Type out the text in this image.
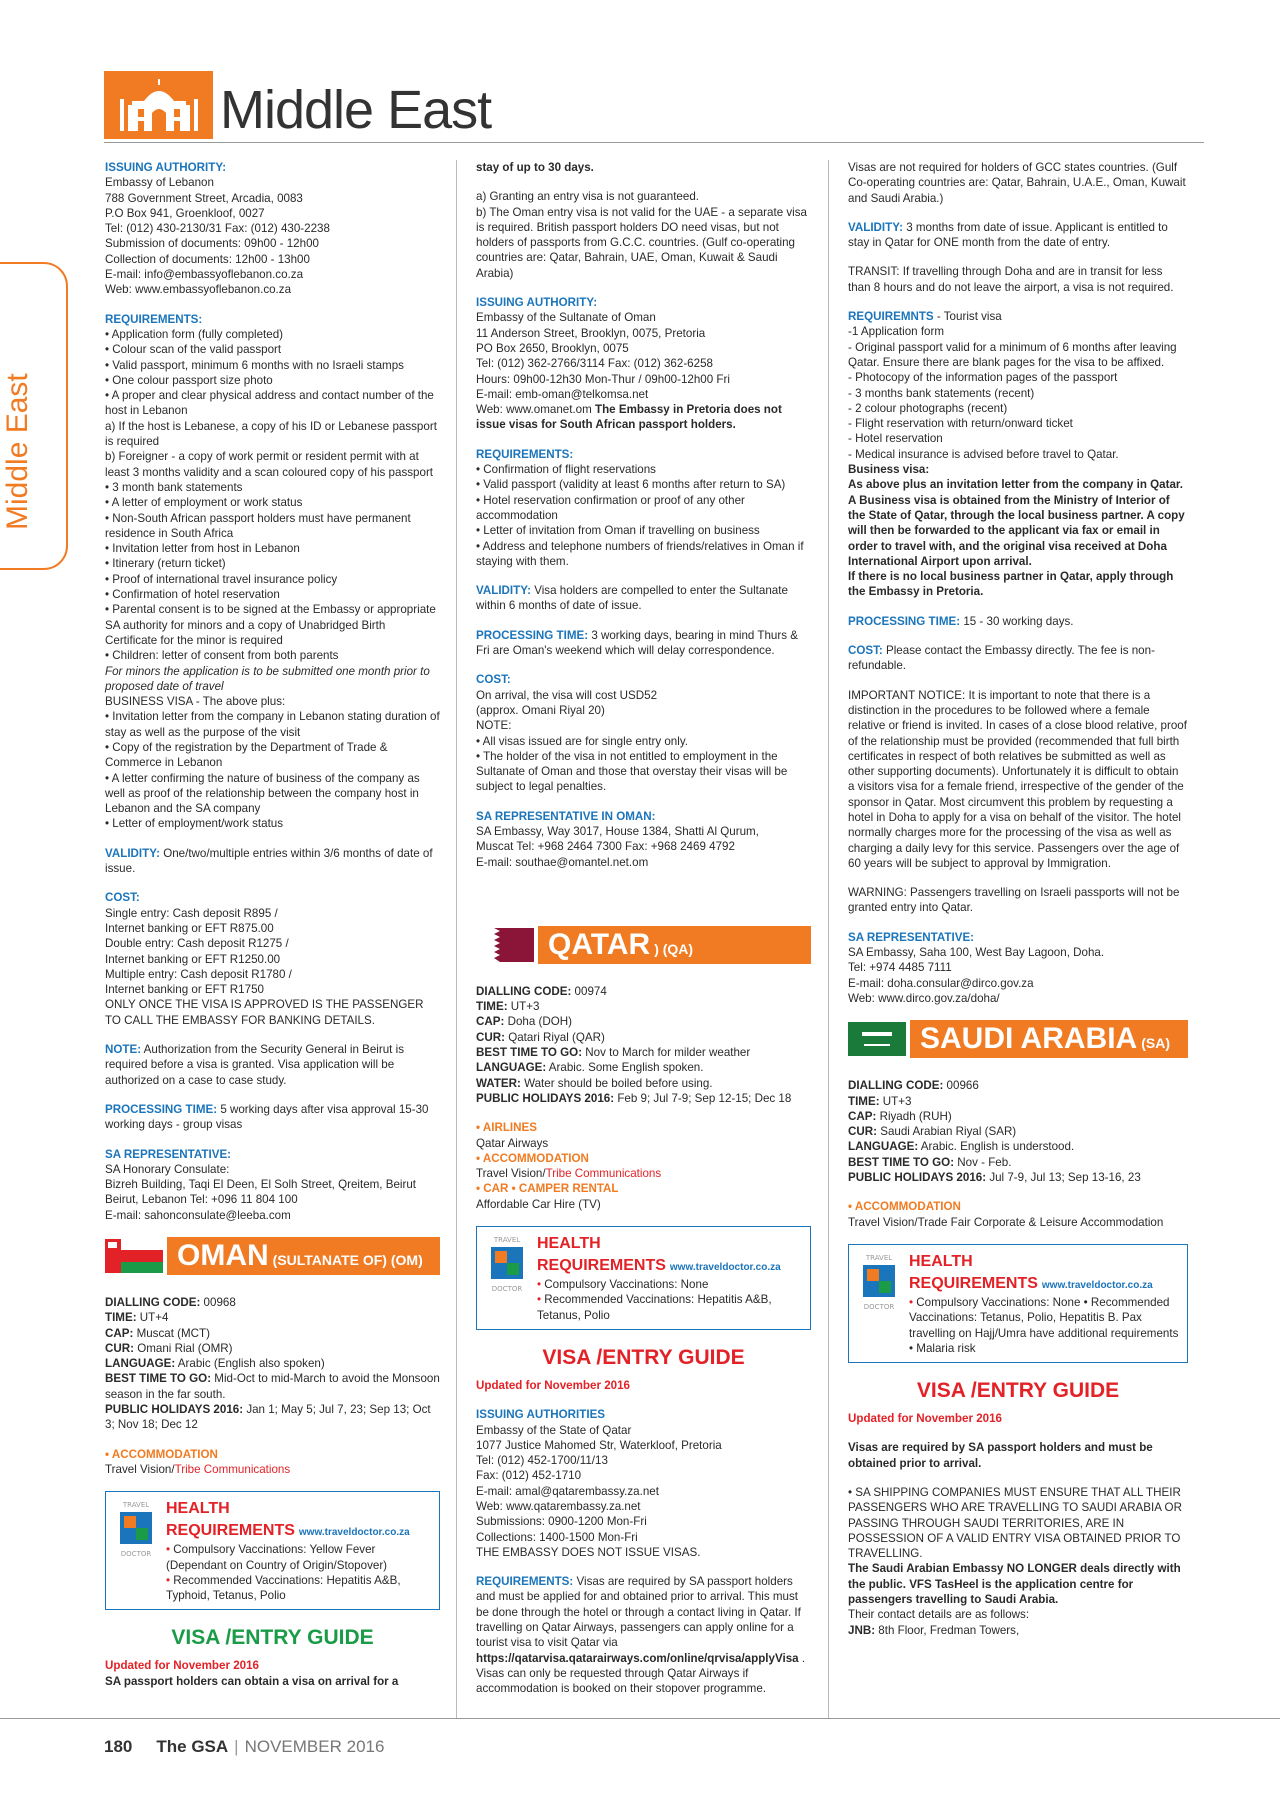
Middle East
Middle East
ISSUING AUTHORITY:
Embassy of Lebanon
788 Government Street, Arcadia, 0083
P.O Box 941, Groenkloof, 0027
Tel: (012) 430-2130/31 Fax: (012) 430-2238
Submission of documents: 09h00 - 12h00
Collection of documents: 12h00 - 13h00
E-mail: info@embassyoflebanon.co.za
Web: www.embassyoflebanon.co.za
REQUIREMENTS:
• Application form (fully completed)
• Colour scan of the valid passport
• Valid passport, minimum 6 months with no Israeli stamps
• One colour passport size photo
• A proper and clear physical address and contact number of the host in Lebanon
a) If the host is Lebanese, a copy of his ID or Lebanese passport is required
b) Foreigner - a copy of work permit or resident permit with at least 3 months validity and a scan coloured copy of his passport
• 3 month bank statements
• A letter of employment or work status
• Non-South African passport holders must have permanent residence in South Africa
• Invitation letter from host in Lebanon
• Itinerary (return ticket)
• Proof of international travel insurance policy
• Confirmation of hotel reservation
• Parental consent is to be signed at the Embassy or appropriate SA authority for minors and a copy of Unabridged Birth Certificate for the minor is required
• Children: letter of consent from both parents
For minors the application is to be submitted one month prior to proposed date of travel
BUSINESS VISA - The above plus:
• Invitation letter from the company in Lebanon stating duration of stay as well as the purpose of the visit
• Copy of the registration by the Department of Trade & Commerce in Lebanon
• A letter confirming the nature of business of the company as well as proof of the relationship between the company host in Lebanon and the SA company
• Letter of employment/work status
VALIDITY: One/two/multiple entries within 3/6 months of date of issue.
COST:
Single entry: Cash deposit R895 /
Internet banking or EFT R875.00
Double entry: Cash deposit R1275 /
Internet banking or EFT R1250.00
Multiple entry: Cash deposit R1780 /
Internet banking or EFT R1750
ONLY ONCE THE VISA IS APPROVED IS THE PASSENGER TO CALL THE EMBASSY FOR BANKING DETAILS.
NOTE: Authorization from the Security General in Beirut is required before a visa is granted. Visa application will be authorized on a case to case study.
PROCESSING TIME: 5 working days after visa approval 15-30 working days - group visas
SA REPRESENTATIVE:
SA Honorary Consulate:
Bizreh Building, Taqi El Deen, El Solh Street, Qreitem, Beirut
Beirut, Lebanon Tel: +096 11 804 100
E-mail: sahonconsulate@leeba.com
OMAN (SULTANATE OF) (OM)
DIALLING CODE: 00968
TIME: UT+4
CAP: Muscat (MCT)
CUR: Omani Rial (OMR)
LANGUAGE: Arabic (English also spoken)
BEST TIME TO GO: Mid-Oct to mid-March to avoid the Monsoon season in the far south.
PUBLIC HOLIDAYS 2016: Jan 1; May 5; Jul 7, 23; Sep 13; Oct 3; Nov 18; Dec 12
• ACCOMMODATION
Travel Vision/Tribe Communications
TRAVEL
DOCTOR
HEALTH REQUIREMENTS www.traveldoctor.co.za
• Compulsory Vaccinations: Yellow Fever (Dependant on Country of Origin/Stopover)
• Recommended Vaccinations: Hepatitis A&B, Typhoid, Tetanus, Polio
VISA /ENTRY GUIDE
Updated for November 2016
SA passport holders can obtain a visa on arrival for a
stay of up to 30 days.
a) Granting an entry visa is not guaranteed.
b) The Oman entry visa is not valid for the UAE - a separate visa is required. British passport holders DO need visas, but not holders of passports from G.C.C. countries. (Gulf co-operating countries are: Qatar, Bahrain, UAE, Oman, Kuwait & Saudi Arabia)
ISSUING AUTHORITY:
Embassy of the Sultanate of Oman
11 Anderson Street, Brooklyn, 0075, Pretoria
PO Box 2650, Brooklyn, 0075
Tel: (012) 362-2766/3114 Fax: (012) 362-6258
Hours: 09h00-12h30 Mon-Thur / 09h00-12h00 Fri
E-mail: emb-oman@telkomsa.net
Web: www.omanet.om The Embassy in Pretoria does not issue visas for South African passport holders.
REQUIREMENTS:
• Confirmation of flight reservations
• Valid passport (validity at least 6 months after return to SA)
• Hotel reservation confirmation or proof of any other accommodation
• Letter of invitation from Oman if travelling on business
• Address and telephone numbers of friends/relatives in Oman if staying with them.
VALIDITY: Visa holders are compelled to enter the Sultanate within 6 months of date of issue.
PROCESSING TIME: 3 working days, bearing in mind Thurs & Fri are Oman's weekend which will delay correspondence.
COST:
On arrival, the visa will cost USD52
(approx. Omani Riyal 20)
NOTE:
• All visas issued are for single entry only.
• The holder of the visa in not entitled to employment in the Sultanate of Oman and those that overstay their visas will be subject to legal penalties.
SA REPRESENTATIVE IN OMAN:
SA Embassy, Way 3017, House 1384, Shatti Al Qurum,
Muscat Tel: +968 2464 7300 Fax: +968 2469 4792
E-mail: southae@omantel.net.om
QATAR ) (QA)
DIALLING CODE: 00974
TIME: UT+3
CAP: Doha (DOH)
CUR: Qatari Riyal (QAR)
BEST TIME TO GO: Nov to March for milder weather
LANGUAGE: Arabic. Some English spoken.
WATER: Water should be boiled before using.
PUBLIC HOLIDAYS 2016: Feb 9; Jul 7-9; Sep 12-15; Dec 18
• AIRLINES
Qatar Airways
• ACCOMMODATION
Travel Vision/Tribe Communications
• CAR • CAMPER RENTAL
Affordable Car Hire (TV)
TRAVEL
DOCTOR
HEALTH REQUIREMENTS www.traveldoctor.co.za
• Compulsory Vaccinations: None
• Recommended Vaccinations: Hepatitis A&B, Tetanus, Polio
VISA /ENTRY GUIDE
Updated for November 2016
ISSUING AUTHORITIES
Embassy of the State of Qatar
1077 Justice Mahomed Str, Waterkloof, Pretoria
Tel: (012) 452-1700/11/13
Fax: (012) 452-1710
E-mail: amal@qatarembassy.za.net
Web: www.qatarembassy.za.net
Submissions: 0900-1200 Mon-Fri
Collections: 1400-1500 Mon-Fri
THE EMBASSY DOES NOT ISSUE VISAS.
REQUIREMENTS: Visas are required by SA passport holders and must be applied for and obtained prior to arrival. This must be done through the hotel or through a contact living in Qatar. If travelling on Qatar Airways, passengers can apply online for a tourist visa to visit Qatar via https://qatarvisa.qatarairways.com/online/qrvisa/applyVisa . Visas can only be requested through Qatar Airways if accommodation is booked on their stopover programme.
Visas are not required for holders of GCC states countries. (Gulf Co-operating countries are: Qatar, Bahrain, U.A.E., Oman, Kuwait and Saudi Arabia.)
VALIDITY: 3 months from date of issue. Applicant is entitled to stay in Qatar for ONE month from the date of entry.
TRANSIT: If travelling through Doha and are in transit for less than 8 hours and do not leave the airport, a visa is not required.
REQUIREMNTS - Tourist visa
-1 Application form
- Original passport valid for a minimum of 6 months after leaving Qatar. Ensure there are blank pages for the visa to be affixed.
- Photocopy of the information pages of the passport
- 3 months bank statements (recent)
- 2 colour photographs (recent)
- Flight reservation with return/onward ticket
- Hotel reservation
- Medical insurance is advised before travel to Qatar.
Business visa:
As above plus an invitation letter from the company in Qatar.
A Business visa is obtained from the Ministry of Interior of the State of Qatar, through the local business partner. A copy will then be forwarded to the applicant via fax or email in order to travel with, and the original visa received at Doha International Airport upon arrival.
If there is no local business partner in Qatar, apply through the Embassy in Pretoria.
PROCESSING TIME: 15 - 30 working days.
COST: Please contact the Embassy directly. The fee is non-refundable.
IMPORTANT NOTICE: It is important to note that there is a distinction in the procedures to be followed where a female relative or friend is invited. In cases of a close blood relative, proof of the relationship must be provided (recommended that full birth certificates in respect of both relatives be submitted as well as other supporting documents). Unfortunately it is difficult to obtain a visitors visa for a female friend, irrespective of the gender of the sponsor in Qatar. Most circumvent this problem by requesting a hotel in Doha to apply for a visa on behalf of the visitor. The hotel normally charges more for the processing of the visa as well as charging a daily levy for this service. Passengers over the age of 60 years will be subject to approval by Immigration.
WARNING: Passengers travelling on Israeli passports will not be granted entry into Qatar.
SA REPRESENTATIVE:
SA Embassy, Saha 100, West Bay Lagoon, Doha.
Tel: +974 4485 7111
E-mail: doha.consular@dirco.gov.za
Web: www.dirco.gov.za/doha/
SAUDI ARABIA (SA)
DIALLING CODE: 00966
TIME: UT+3
CAP: Riyadh (RUH)
CUR: Saudi Arabian Riyal (SAR)
LANGUAGE: Arabic. English is understood.
BEST TIME TO GO: Nov - Feb.
PUBLIC HOLIDAYS 2016: Jul 7-9, Jul 13; Sep 13-16, 23
• ACCOMMODATION
Travel Vision/Trade Fair Corporate & Leisure Accommodation
TRAVEL
DOCTOR
HEALTH REQUIREMENTS www.traveldoctor.co.za
• Compulsory Vaccinations: None • Recommended Vaccinations: Tetanus, Polio, Hepatitis B. Pax travelling on Hajj/Umra have additional requirements • Malaria risk
VISA /ENTRY GUIDE
Updated for November 2016
Visas are required by SA passport holders and must be obtained prior to arrival.
• SA SHIPPING COMPANIES MUST ENSURE THAT ALL THEIR PASSENGERS WHO ARE TRAVELLING TO SAUDI ARABIA OR PASSING THROUGH SAUDI TERRITORIES, ARE IN POSSESSION OF A VALID ENTRY VISA OBTAINED PRIOR TO TRAVELLING.
The Saudi Arabian Embassy NO LONGER deals directly with the public. VFS TasHeel is the application centre for passengers travelling to Saudi Arabia.
Their contact details are as follows:
JNB: 8th Floor, Fredman Towers,
180 The GSA | NOVEMBER 2016
